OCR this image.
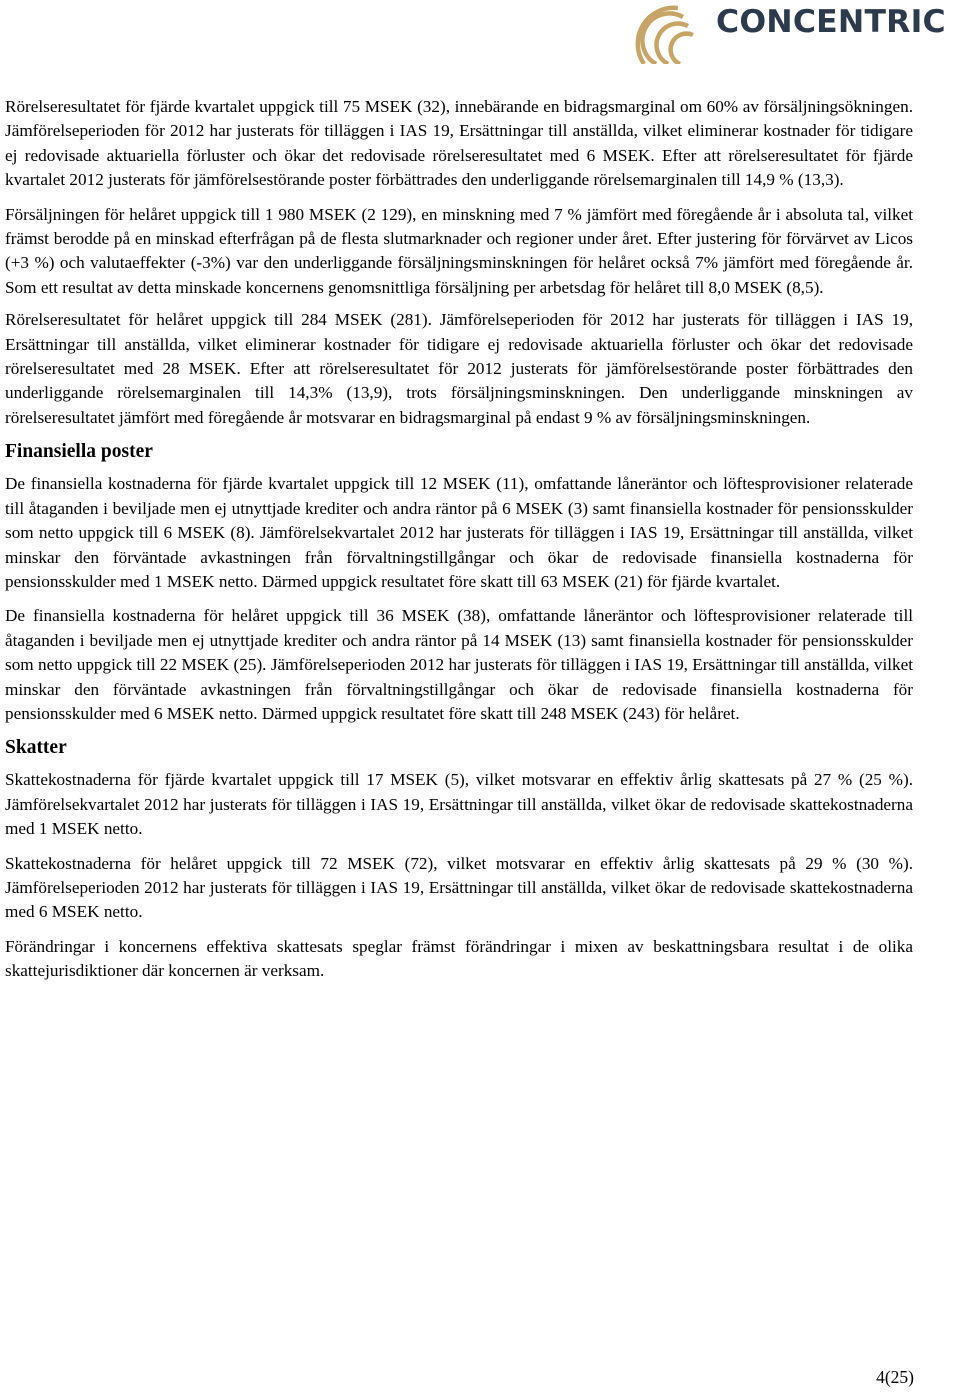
CONCENTRIC

Rörelseresultatet för fjärde kvartalet uppgick till 75 MSEK (32), innebärande en bidragsmarginal om 60% av försäljningsökningen. Jämförelseperioden för 2012 har justerats för tilläggen i IAS 19, Ersättningar till anställda, vilket eliminerar kostnader för tidigare ej redovisade aktuariella förluster och ökar det redovisade rörelseresultatet med 6 MSEK. Efter att rörelseresultatet för fjärde kvartalet 2012 justerats för jämförelsestörande poster förbättrades den underliggande rörelsemarginalen till 14,9 % (13,3).

Försäljningen för helåret uppgick till 1 980 MSEK (2 129), en minskning med 7 % jämfört med föregående år i absoluta tal, vilket främst berodde på en minskad efterfrågan på de flesta slutmarknader och regioner under året. Efter justering för förvärvet av Licos (+3 %) och valutaeffekter (-3%) var den underliggande försäljningsminskningen för helåret också 7% jämfört med föregående år. Som ett resultat av detta minskade koncernens genomsnittliga försäljning per arbetsdag för helåret till 8,0 MSEK (8,5).

Rörelseresultatet för helåret uppgick till 284 MSEK (281). Jämförelseperioden för 2012 har justerats för tilläggen i IAS 19, Ersättningar till anställda, vilket eliminerar kostnader för tidigare ej redovisade aktuariella förluster och ökar det redovisade rörelseresultatet med 28 MSEK. Efter att rörelseresultatet för 2012 justerats för jämförelsestörande poster förbättrades den underliggande rörelsemarginalen till 14,3% (13,9), trots försäljningsminskningen. Den underliggande minskningen av rörelseresultatet jämfört med föregående år motsvarar en bidragsmarginal på endast 9 % av försäljningsminskningen.

Finansiella poster

De finansiella kostnaderna för fjärde kvartalet uppgick till 12 MSEK (11), omfattande låneräntor och löftesprovisioner relaterade till åtaganden i beviljade men ej utnyttjade krediter och andra räntor på 6 MSEK (3) samt finansiella kostnader för pensionsskulder som netto uppgick till 6 MSEK (8). Jämförelsekvartalet 2012 har justerats för tilläggen i IAS 19, Ersättningar till anställda, vilket minskar den förväntade avkastningen från förvaltningstillgångar och ökar de redovisade finansiella kostnaderna för pensionsskulder med 1 MSEK netto. Därmed uppgick resultatet före skatt till 63 MSEK (21) för fjärde kvartalet.

De finansiella kostnaderna för helåret uppgick till 36 MSEK (38), omfattande låneräntor och löftesprovisioner relaterade till åtaganden i beviljade men ej utnyttjade krediter och andra räntor på 14 MSEK (13) samt finansiella kostnader för pensionsskulder som netto uppgick till 22 MSEK (25). Jämförelseperioden 2012 har justerats för tilläggen i IAS 19, Ersättningar till anställda, vilket minskar den förväntade avkastningen från förvaltningstillgångar och ökar de redovisade finansiella kostnaderna för pensionsskulder med 6 MSEK netto. Därmed uppgick resultatet före skatt till 248 MSEK (243) för helåret.

Skatter

Skattekostnaderna för fjärde kvartalet uppgick till 17 MSEK (5), vilket motsvarar en effektiv årlig skattesats på 27 % (25 %). Jämförelsekvartalet 2012 har justerats för tilläggen i IAS 19, Ersättningar till anställda, vilket ökar de redovisade skattekostnaderna med 1 MSEK netto.

Skattekostnaderna för helåret uppgick till 72 MSEK (72), vilket motsvarar en effektiv årlig skattesats på 29 % (30 %). Jämförelseperioden 2012 har justerats för tilläggen i IAS 19, Ersättningar till anställda, vilket ökar de redovisade skattekostnaderna med 6 MSEK netto.

Förändringar i koncernens effektiva skattesats speglar främst förändringar i mixen av beskattningsbara resultat i de olika skattejurisdiktioner där koncernen är verksam.

4(25)
